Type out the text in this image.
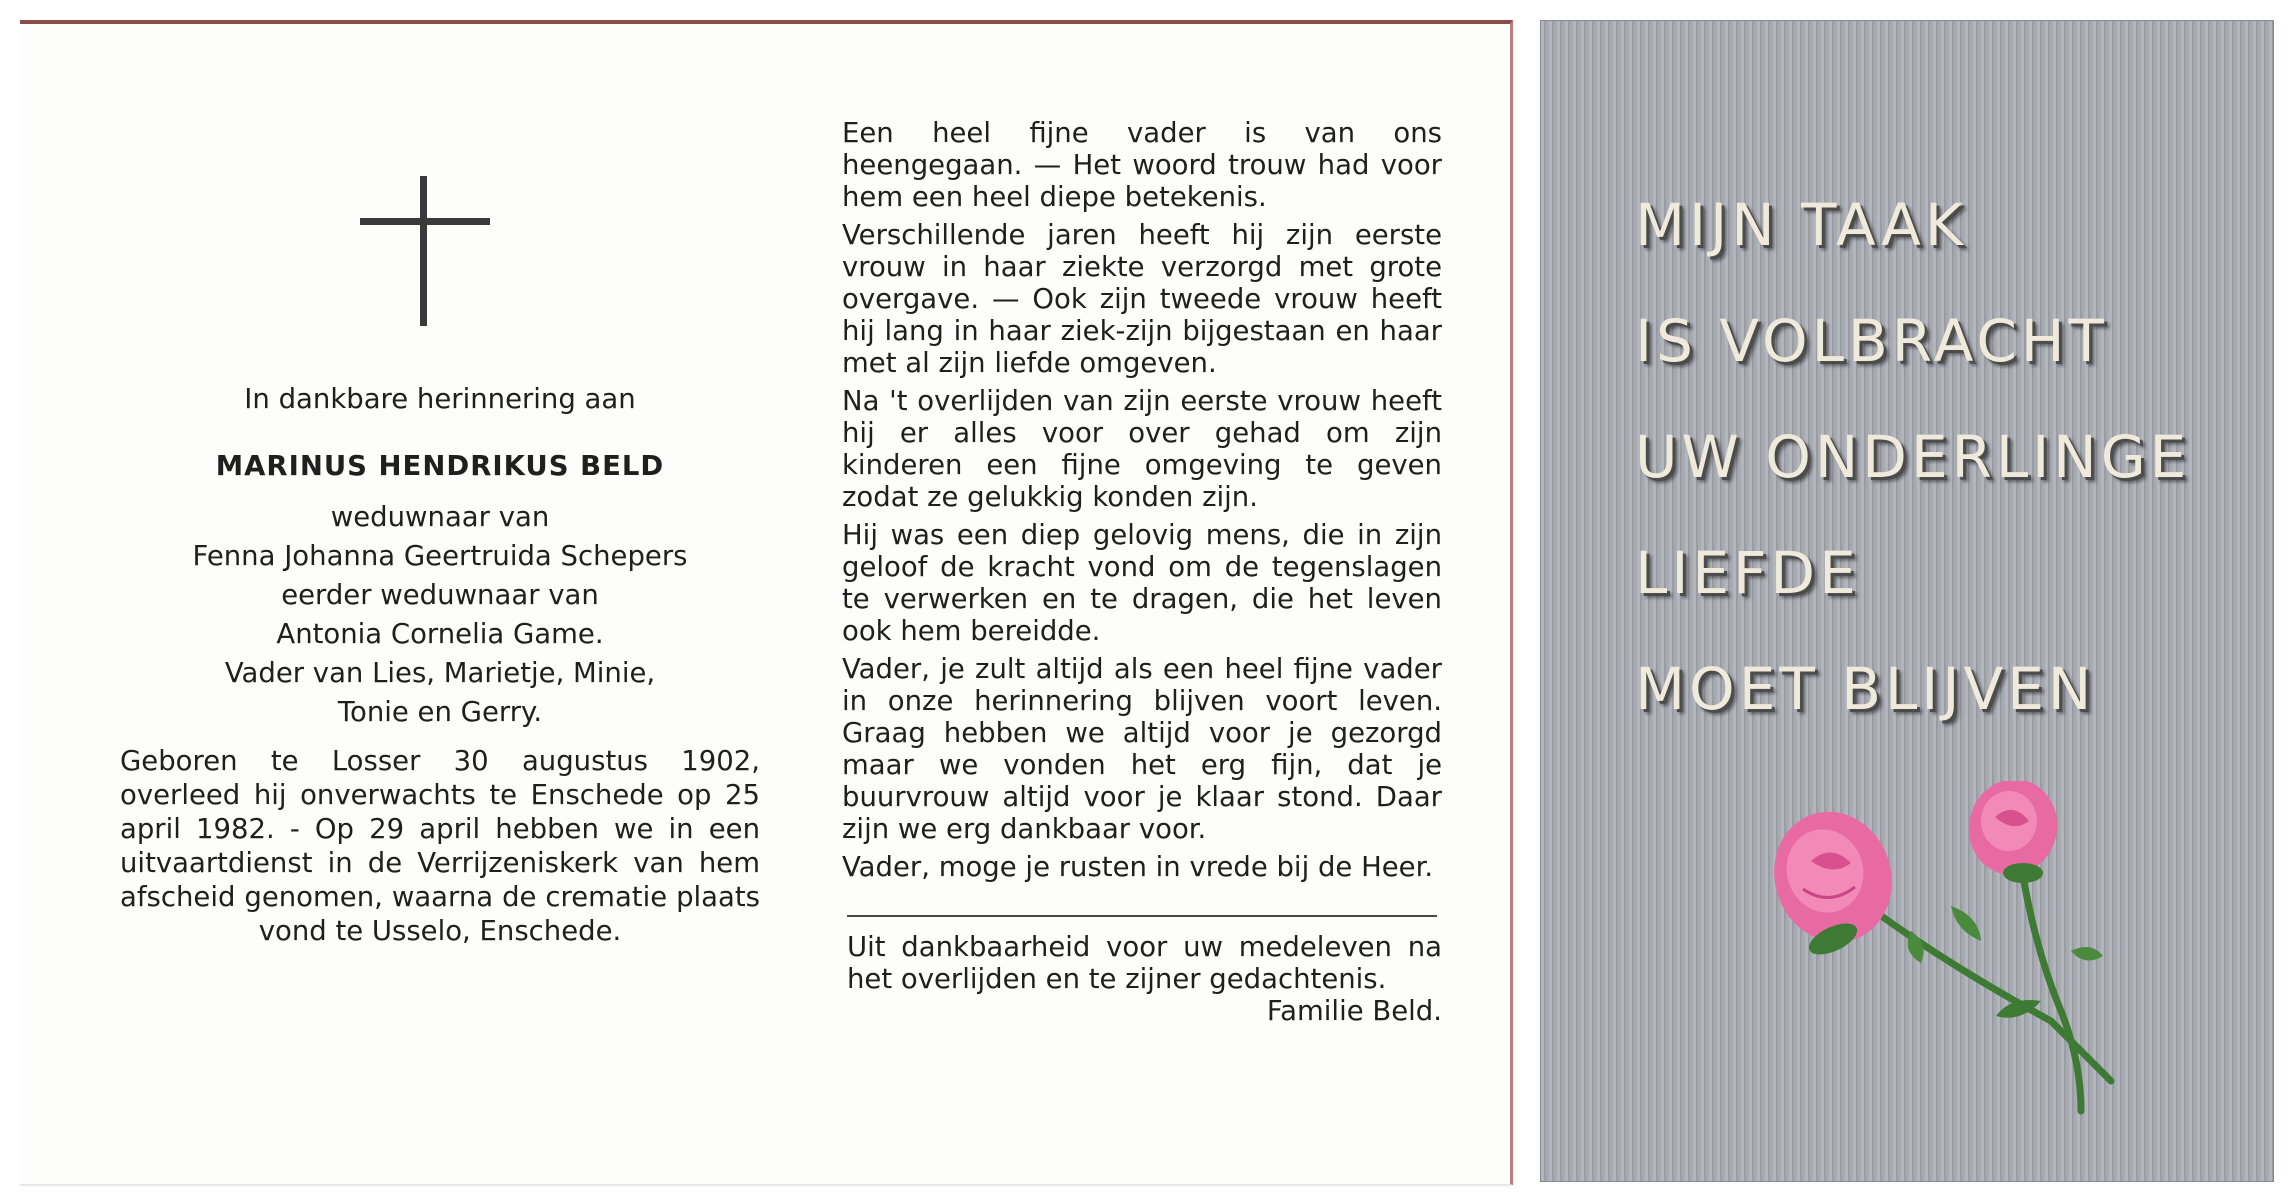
In dankbare herinnering aan

MARINUS HENDRIKUS BELD

weduwnaar van

Fenna Johanna Geertruida Schepers

eerder weduwnaar van

Antonia Cornelia Game.

Vader van Lies, Marietje, Minie,

Tonie en Gerry.

Geboren te Losser 30 augustus 1902, overleed hij onverwachts te Enschede op 25 april 1982. - Op 29 april hebben we in een uitvaartdienst in de Verrijzeniskerk van hem afscheid genomen, waarna de crematie plaats vond te Usselo, Enschede.

Een heel fijne vader is van ons heengegaan. — Het woord trouw had voor hem een heel diepe betekenis.

Verschillende jaren heeft hij zijn eerste vrouw in haar ziekte verzorgd met grote overgave. — Ook zijn tweede vrouw heeft hij lang in haar ziek-zijn bijgestaan en haar met al zijn liefde omgeven.

Na 't overlijden van zijn eerste vrouw heeft hij er alles voor over gehad om zijn kinderen een fijne omgeving te geven zodat ze gelukkig konden zijn.

Hij was een diep gelovig mens, die in zijn geloof de kracht vond om de tegenslagen te verwerken en te dragen, die het leven ook hem bereidde.

Vader, je zult altijd als een heel fijne vader in onze herinnering blijven voort leven. Graag hebben we altijd voor je gezorgd maar we vonden het erg fijn, dat je buurvrouw altijd voor je klaar stond. Daar zijn we erg dankbaar voor.

Vader, moge je rusten in vrede bij de Heer.

Uit dankbaarheid voor uw medeleven na het overlijden en te zijner gedachtenis.

Familie Beld.
MIJN TAAK
IS VOLBRACHT
UW ONDERLINGE
LIEFDE
MOET BLIJVEN
